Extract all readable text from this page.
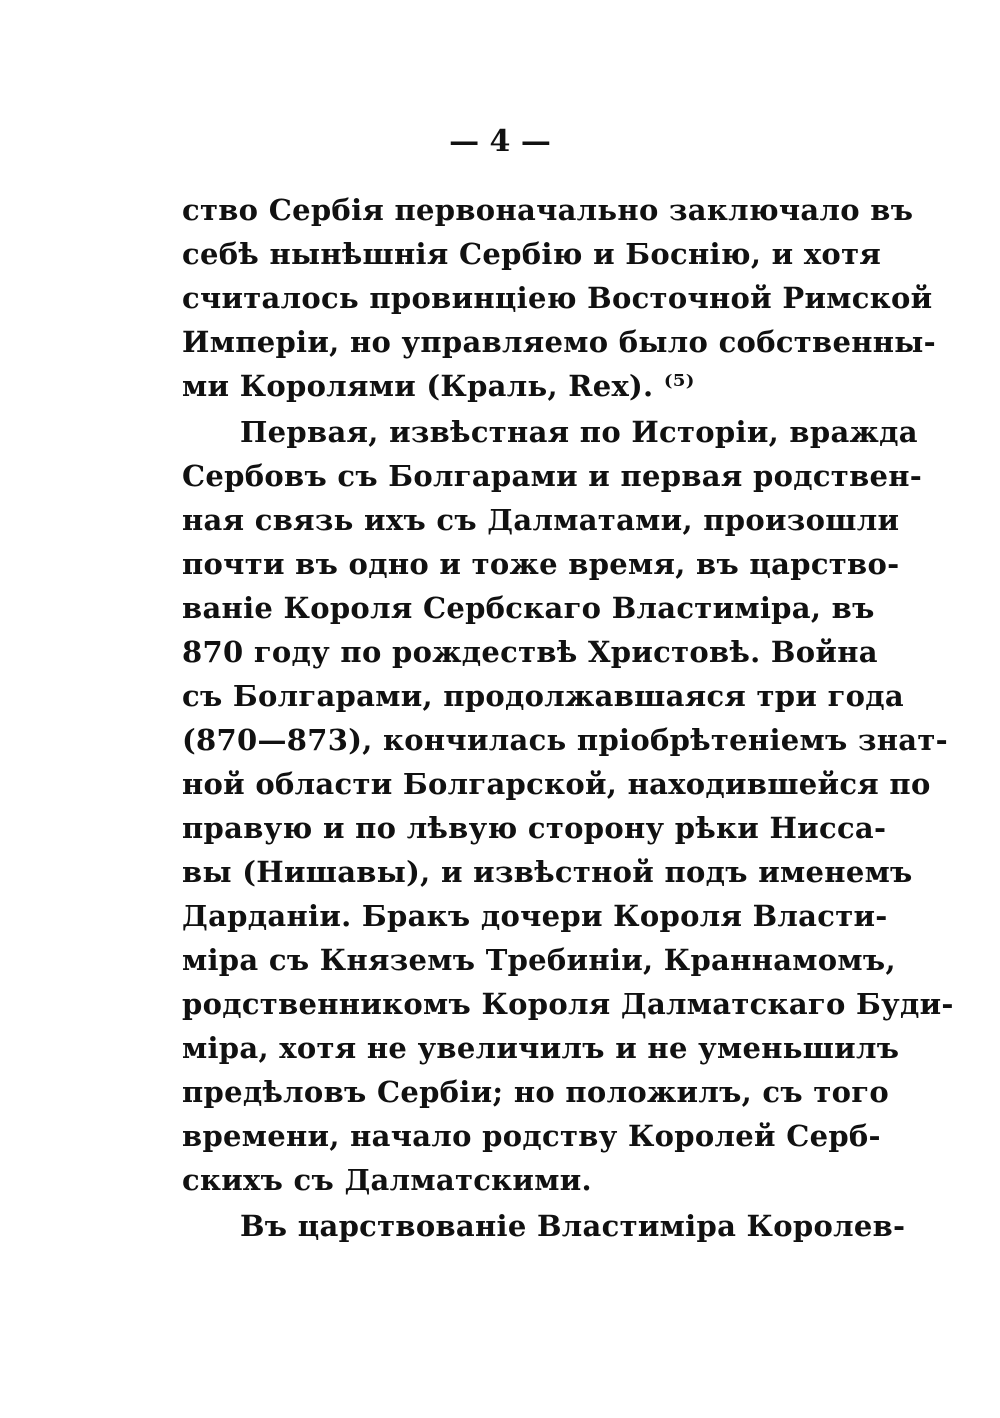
— 4 —
ство Сербія первоначально заключало въ
себѣ нынѣшнія Сербію и Боснію, и хотя
считалось провинціею Восточной Римской
Имперіи, но управляемо было собственны-
ми Королями (Краль, Rex). ⁽⁵⁾
Первая, извѣстная по Исторіи, вражда
Сербовъ съ Болгарами и первая родствен-
ная связь ихъ съ Далматами, произошли
почти въ одно и тоже время, въ царство-
ваніе Короля Сербскаго Властиміра, въ
870 году по рождествѣ Христовѣ. Война
съ Болгарами, продолжавшаяся три года
(870—873), кончилась пріобрѣтеніемъ знат-
ной области Болгарской, находившейся по
правую и по лѣвую сторону рѣки Нисса-
вы (Нишавы), и извѣстной подъ именемъ
Дарданіи. Бракъ дочери Короля Власти-
міра съ Княземъ Требиніи, Краннамомъ,
родственникомъ Короля Далматскаго Буди-
міра, хотя не увеличилъ и не уменьшилъ
предѣловъ Сербіи; но положилъ, съ того
времени, начало родству Королей Серб-
скихъ съ Далматскими.
Въ царствованіе Властиміра Королев-
